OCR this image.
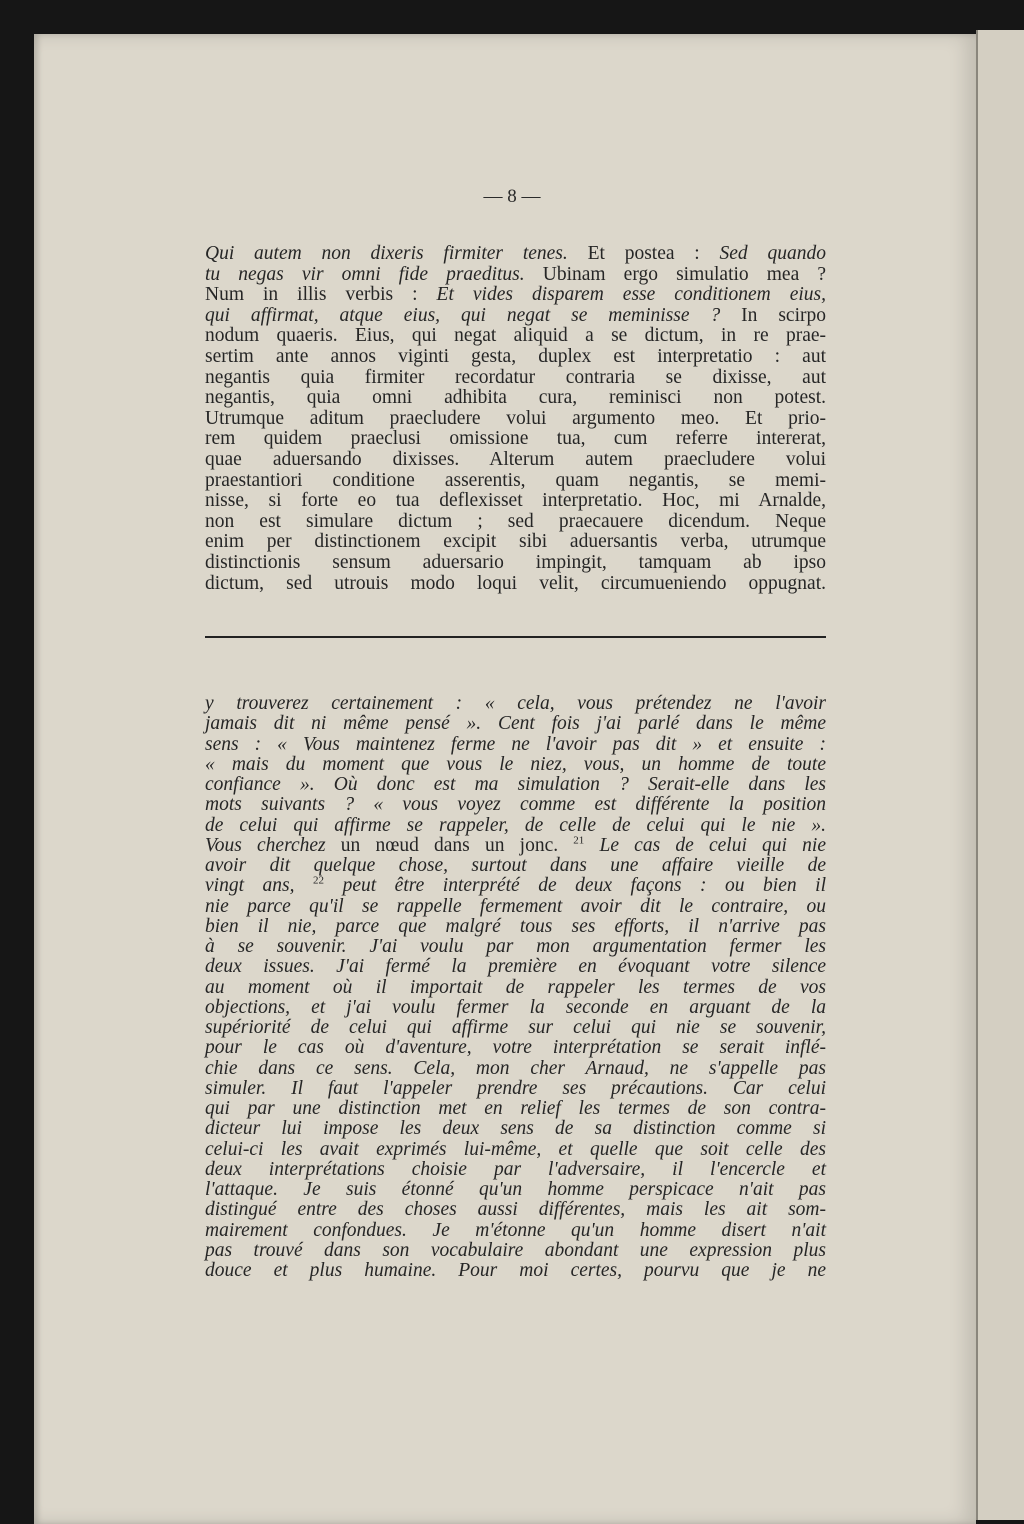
— 8 —
Qui autem non dixeris firmiter tenes. Et postea : Sed quando
tu negas vir omni fide praeditus. Ubinam ergo simulatio mea ?
Num in illis verbis : Et vides disparem esse conditionem eius,
qui affirmat, atque eius, qui negat se meminisse ? In scirpo
nodum quaeris. Eius, qui negat aliquid a se dictum, in re prae-
sertim ante annos viginti gesta, duplex est interpretatio : aut
negantis quia firmiter recordatur contraria se dixisse, aut
negantis, quia omni adhibita cura, reminisci non potest.
Utrumque aditum praecludere volui argumento meo. Et prio-
rem quidem praeclusi omissione tua, cum referre intererat,
quae aduersando dixisses. Alterum autem praecludere volui
praestantiori conditione asserentis, quam negantis, se memi-
nisse, si forte eo tua deflexisset interpretatio. Hoc, mi Arnalde,
non est simulare dictum ; sed praecauere dicendum. Neque
enim per distinctionem excipit sibi aduersantis verba, utrumque
distinctionis sensum aduersario impingit, tamquam ab ipso
dictum, sed utrouis modo loqui velit, circumueniendo oppugnat.
y trouverez certainement : « cela, vous prétendez ne l'avoir
jamais dit ni même pensé ». Cent fois j'ai parlé dans le même
sens : « Vous maintenez ferme ne l'avoir pas dit » et ensuite :
« mais du moment que vous le niez, vous, un homme de toute
confiance ». Où donc est ma simulation ? Serait-elle dans les
mots suivants ? « vous voyez comme est différente la position
de celui qui affirme se rappeler, de celle de celui qui le nie ».
Vous cherchez un nœud dans un jonc. $^{21}$ Le cas de celui qui nie
avoir dit quelque chose, surtout dans une affaire vieille de
vingt ans, $^{22}$ peut être interprété de deux façons : ou bien il
nie parce qu'il se rappelle fermement avoir dit le contraire, ou
bien il nie, parce que malgré tous ses efforts, il n'arrive pas
à se souvenir. J'ai voulu par mon argumentation fermer les
deux issues. J'ai fermé la première en évoquant votre silence
au moment où il importait de rappeler les termes de vos
objections, et j'ai voulu fermer la seconde en arguant de la
supériorité de celui qui affirme sur celui qui nie se souvenir,
pour le cas où d'aventure, votre interprétation se serait inflé-
chie dans ce sens. Cela, mon cher Arnaud, ne s'appelle pas
simuler. Il faut l'appeler prendre ses précautions. Car celui
qui par une distinction met en relief les termes de son contra-
dicteur lui impose les deux sens de sa distinction comme si
celui-ci les avait exprimés lui-même, et quelle que soit celle des
deux interprétations choisie par l'adversaire, il l'encercle et
l'attaque. Je suis étonné qu'un homme perspicace n'ait pas
distingué entre des choses aussi différentes, mais les ait som-
mairement confondues. Je m'étonne qu'un homme disert n'ait
pas trouvé dans son vocabulaire abondant une expression plus
douce et plus humaine. Pour moi certes, pourvu que je ne
